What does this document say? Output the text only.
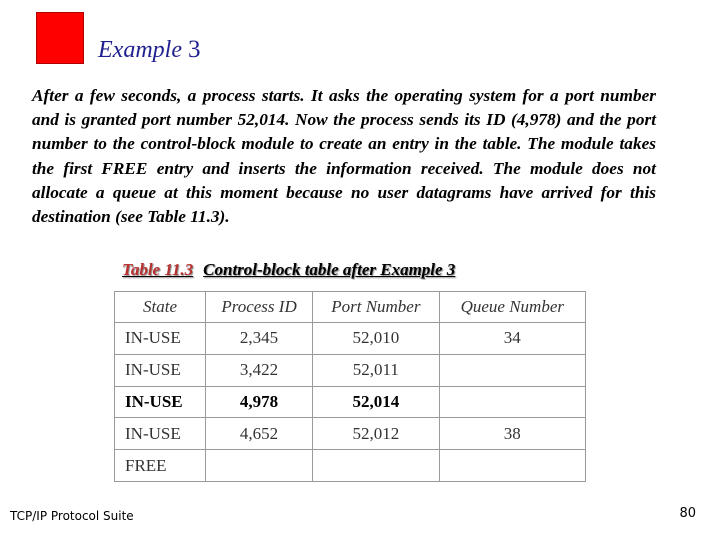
Example 3

After a few seconds, a process starts. It asks the operating system for a port number and is granted port number 52,014. Now the process sends its ID (4,978) and the port number to the control-block module to create an entry in the table. The module takes the first FREE entry and inserts the information received. The module does not allocate a queue at this moment because no user datagrams have arrived for this destination (see Table 11.3).

Table 11.3 Control-block table after Example 3
State	Process ID	Port Number	Queue Number
IN-USE	2,345	52,010	34
IN-USE	3,422	52,011	
IN-USE	4,978	52,014	
IN-USE	4,652	52,012	38
FREE			
TCP/IP Protocol Suite	80
